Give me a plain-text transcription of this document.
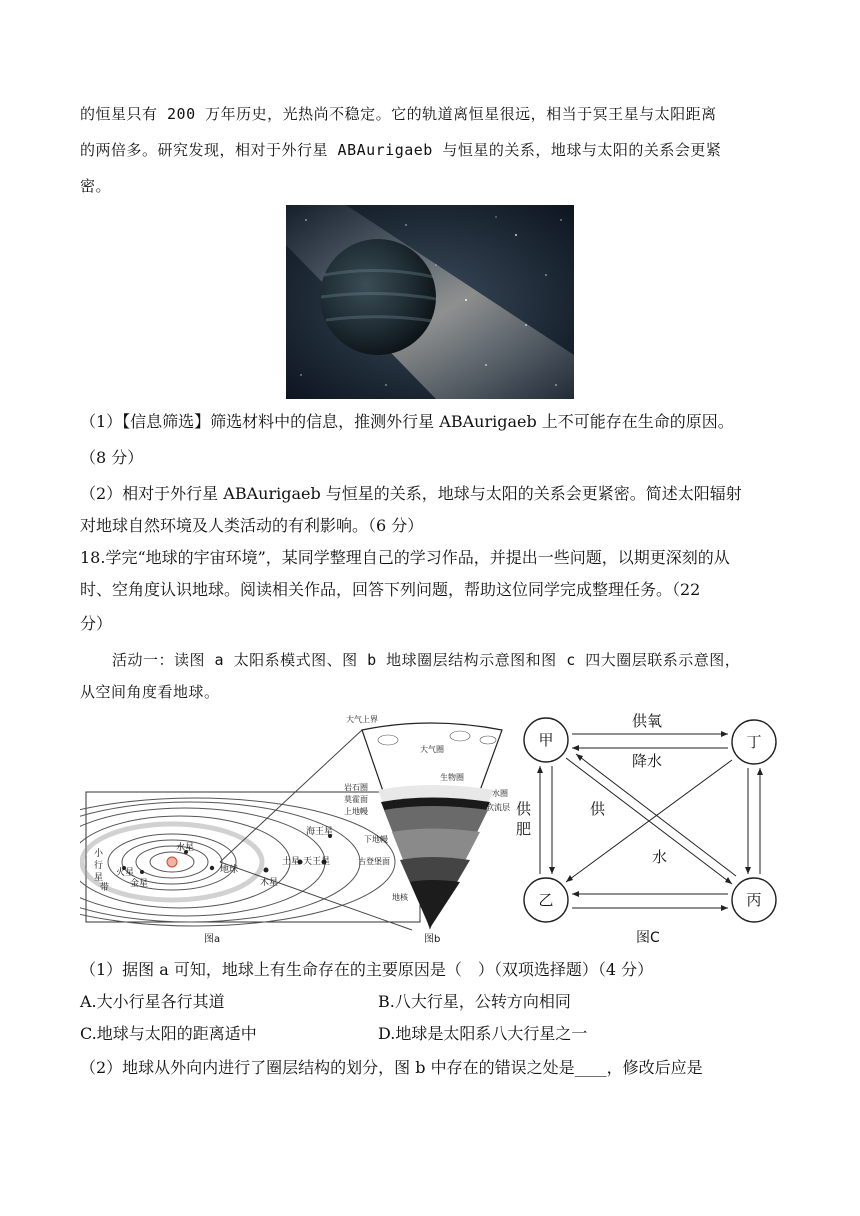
的恒星只有 200 万年历史，光热尚不稳定。它的轨道离恒星很远，相当于冥王星与太阳距离
的两倍多。研究发现，相对于外行星 ABAurigaeb 与恒星的关系，地球与太阳的关系会更紧
密。
（1）【信息筛选】筛选材料中的信息，推测外行星 ABAurigaeb 上不可能存在生命的原因。
（8 分）
（2）相对于外行星 ABAurigaeb 与恒星的关系，地球与太阳的关系会更紧密。简述太阳辐射
对地球自然环境及人类活动的有利影响。（6 分）
18.学完“地球的宇宙环境”，某同学整理自己的学习作品，并提出一些问题，以期更深刻的从
时、空角度认识地球。阅读相关作品，回答下列问题，帮助这位同学完成整理任务。（22
分）
活动一：读图 a 太阳系模式图、图 b 地球圈层结构示意图和图 c 四大圈层联系示意图，
从空间角度看地球。
水星
金星
火星	地球
木星
土星 天王星
海王星
小
行
星
带
图a
大气上界
大气圈
生物圈
岩石圈
莫霍面
上地幔
水圈
软流层
下地幔
古登堡面
地核
图b
甲	丁
乙	丙
供氧
降水
供
肥
供
水
图C
（1）据图 a 可知，地球上有生命存在的主要原因是（　）（双项选择题）（4 分）
A.大小行星各行其道	B.八大行星，公转方向相同
C.地球与太阳的距离适中	D.地球是太阳系八大行星之一
（2）地球从外向内进行了圈层结构的划分，图 b 中存在的错误之处是____，修改后应是
